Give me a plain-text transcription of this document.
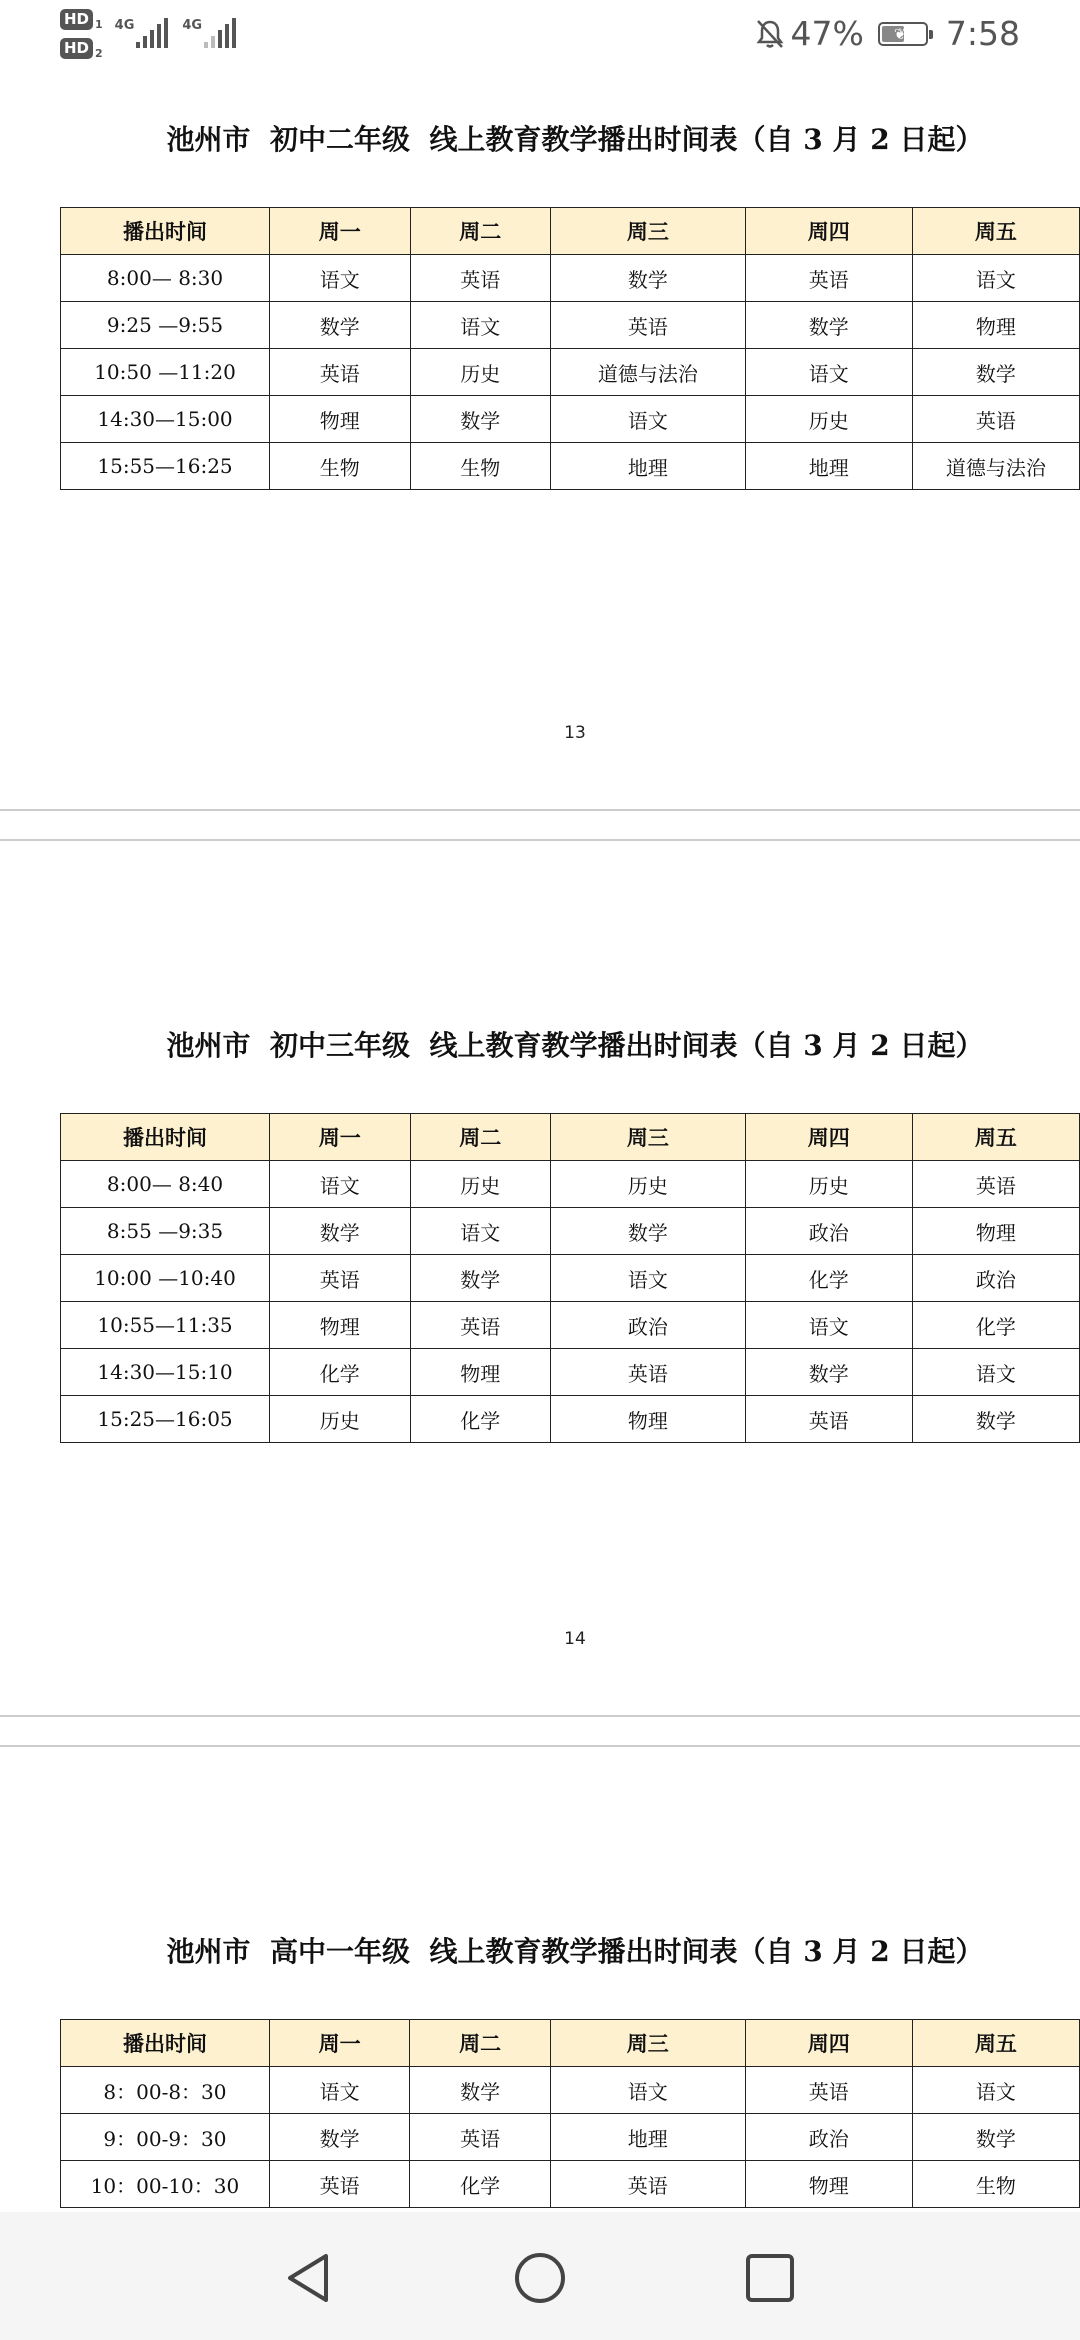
HD 1
HD 2
4G	4G	47% ❦ 7:58
池州市  初中二年级  线上教育教学播出时间表（自 3 月 2 日起）
播出时间	周一	周二	周三	周四	周五
8:00— 8:30	语文	英语	数学	英语	语文
9:25 —9:55	数学	语文	英语	数学	物理
10:50 —11:20	英语	历史	道德与法治	语文	数学
14:30—15:00	物理	数学	语文	历史	英语
15:55—16:25	生物	生物	地理	地理	道德与法治
13
池州市  初中三年级  线上教育教学播出时间表（自 3 月 2 日起）
播出时间	周一	周二	周三	周四	周五
8:00— 8:40	语文	历史	历史	历史	英语
8:55 —9:35	数学	语文	数学	政治	物理
10:00 —10:40	英语	数学	语文	化学	政治
10:55—11:35	物理	英语	政治	语文	化学
14:30—15:10	化学	物理	英语	数学	语文
15:25—16:05	历史	化学	物理	英语	数学
14
池州市  高中一年级  线上教育教学播出时间表（自 3 月 2 日起）
播出时间	周一	周二	周三	周四	周五
8：00-8：30	语文	数学	语文	英语	语文
9：00-9：30	数学	英语	地理	政治	数学
10：00-10：30	英语	化学	英语	物理	生物
